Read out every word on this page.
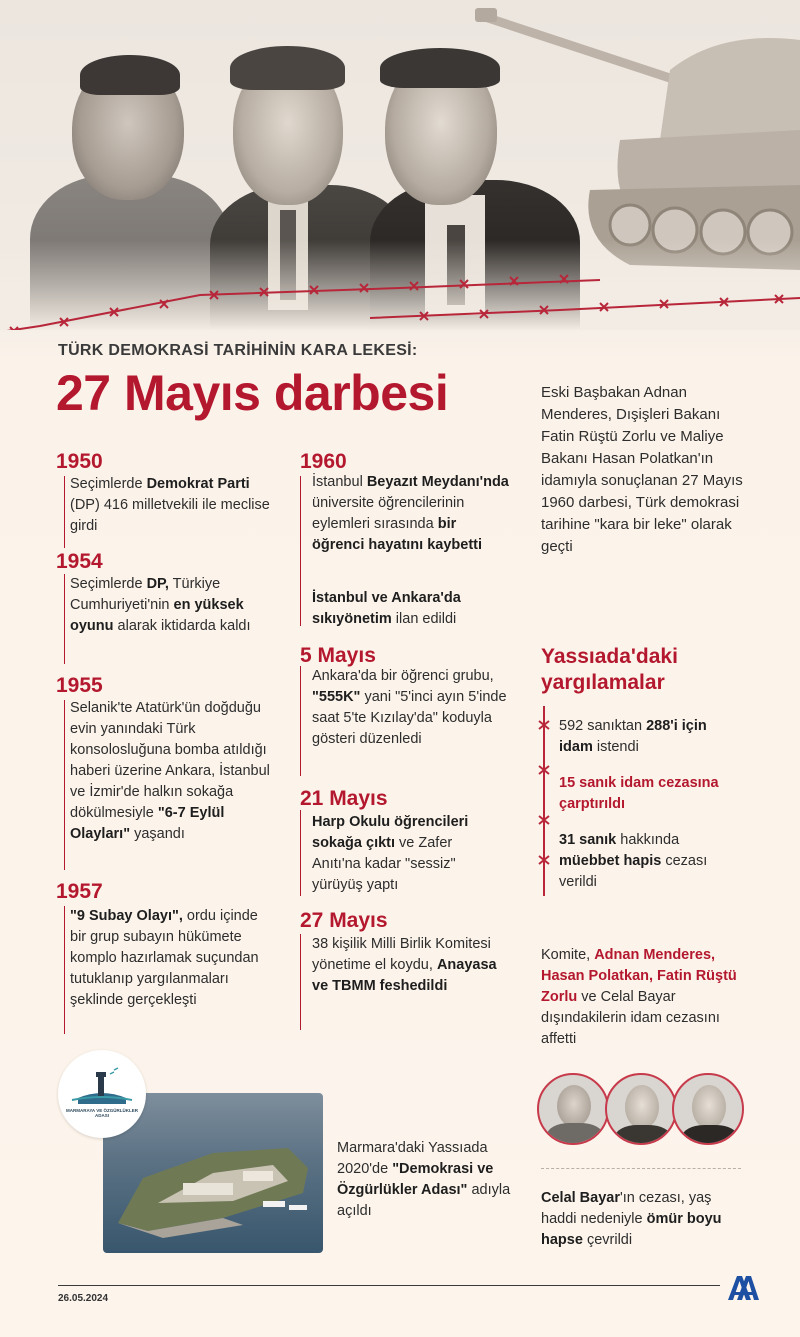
TÜRK DEMOKRASİ TARİHİNİN KARA LEKESİ:
27 Mayıs darbesi	Eski Başbakan Adnan Menderes, Dışişleri Bakanı Fatin Rüştü Zorlu ve Maliye Bakanı Hasan Polatkan'ın idamıyla sonuçlanan 27 Mayıs 1960 darbesi, Türk demokrasi tarihine "kara bir leke" olarak geçti
1950
Seçimlerde Demokrat Parti (DP) 416 milletvekili ile meclise girdi
1954
Seçimlerde DP, Türkiye Cumhuriyeti'nin en yüksek oyunu alarak iktidarda kaldı
1955
Selanik'te Atatürk'ün doğduğu evin yanındaki Türk konsolosluğuna bomba atıldığı haberi üzerine Ankara, İstanbul ve İzmir'de halkın sokağa dökülmesiyle "6-7 Eylül Olayları" yaşandı
1957
"9 Subay Olayı", ordu içinde bir grup subayın hükümete komplo hazırlamak suçundan tutuklanıp yargılanmaları şeklinde gerçekleşti
1960
İstanbul Beyazıt Meydanı'nda üniversite öğrencilerinin eylemleri sırasında bir öğrenci hayatını kaybetti
İstanbul ve Ankara'da sıkıyönetim ilan edildi
5 Mayıs
Ankara'da bir öğrenci grubu, "555K" yani "5'inci ayın 5'inde saat 5'te Kızılay'da" koduyla gösteri düzenledi
21 Mayıs
Harp Okulu öğrencileri sokağa çıktı ve Zafer Anıtı'na kadar "sessiz" yürüyüş yaptı
27 Mayıs
38 kişilik Milli Birlik Komitesi yönetime el koydu, Anayasa ve TBMM feshedildi
Yassıada'daki yargılamalar
592 sanıktan 288'i için idam istendi
15 sanık idam cezasına çarptırıldı
31 sanık hakkında müebbet hapis cezası verildi
Komite, Adnan Menderes, Hasan Polatkan, Fatin Rüştü Zorlu ve Celal Bayar dışındakilerin idam cezasını affetti
Celal Bayar'ın cezası, yaş haddi nedeniyle ömür boyu hapse çevrildi
MARMARAYA VE ÖZGÜRLÜKLER ADASI
Marmara'daki Yassıada 2020'de "Demokrasi ve Özgürlükler Adası" adıyla açıldı
26.05.2024
